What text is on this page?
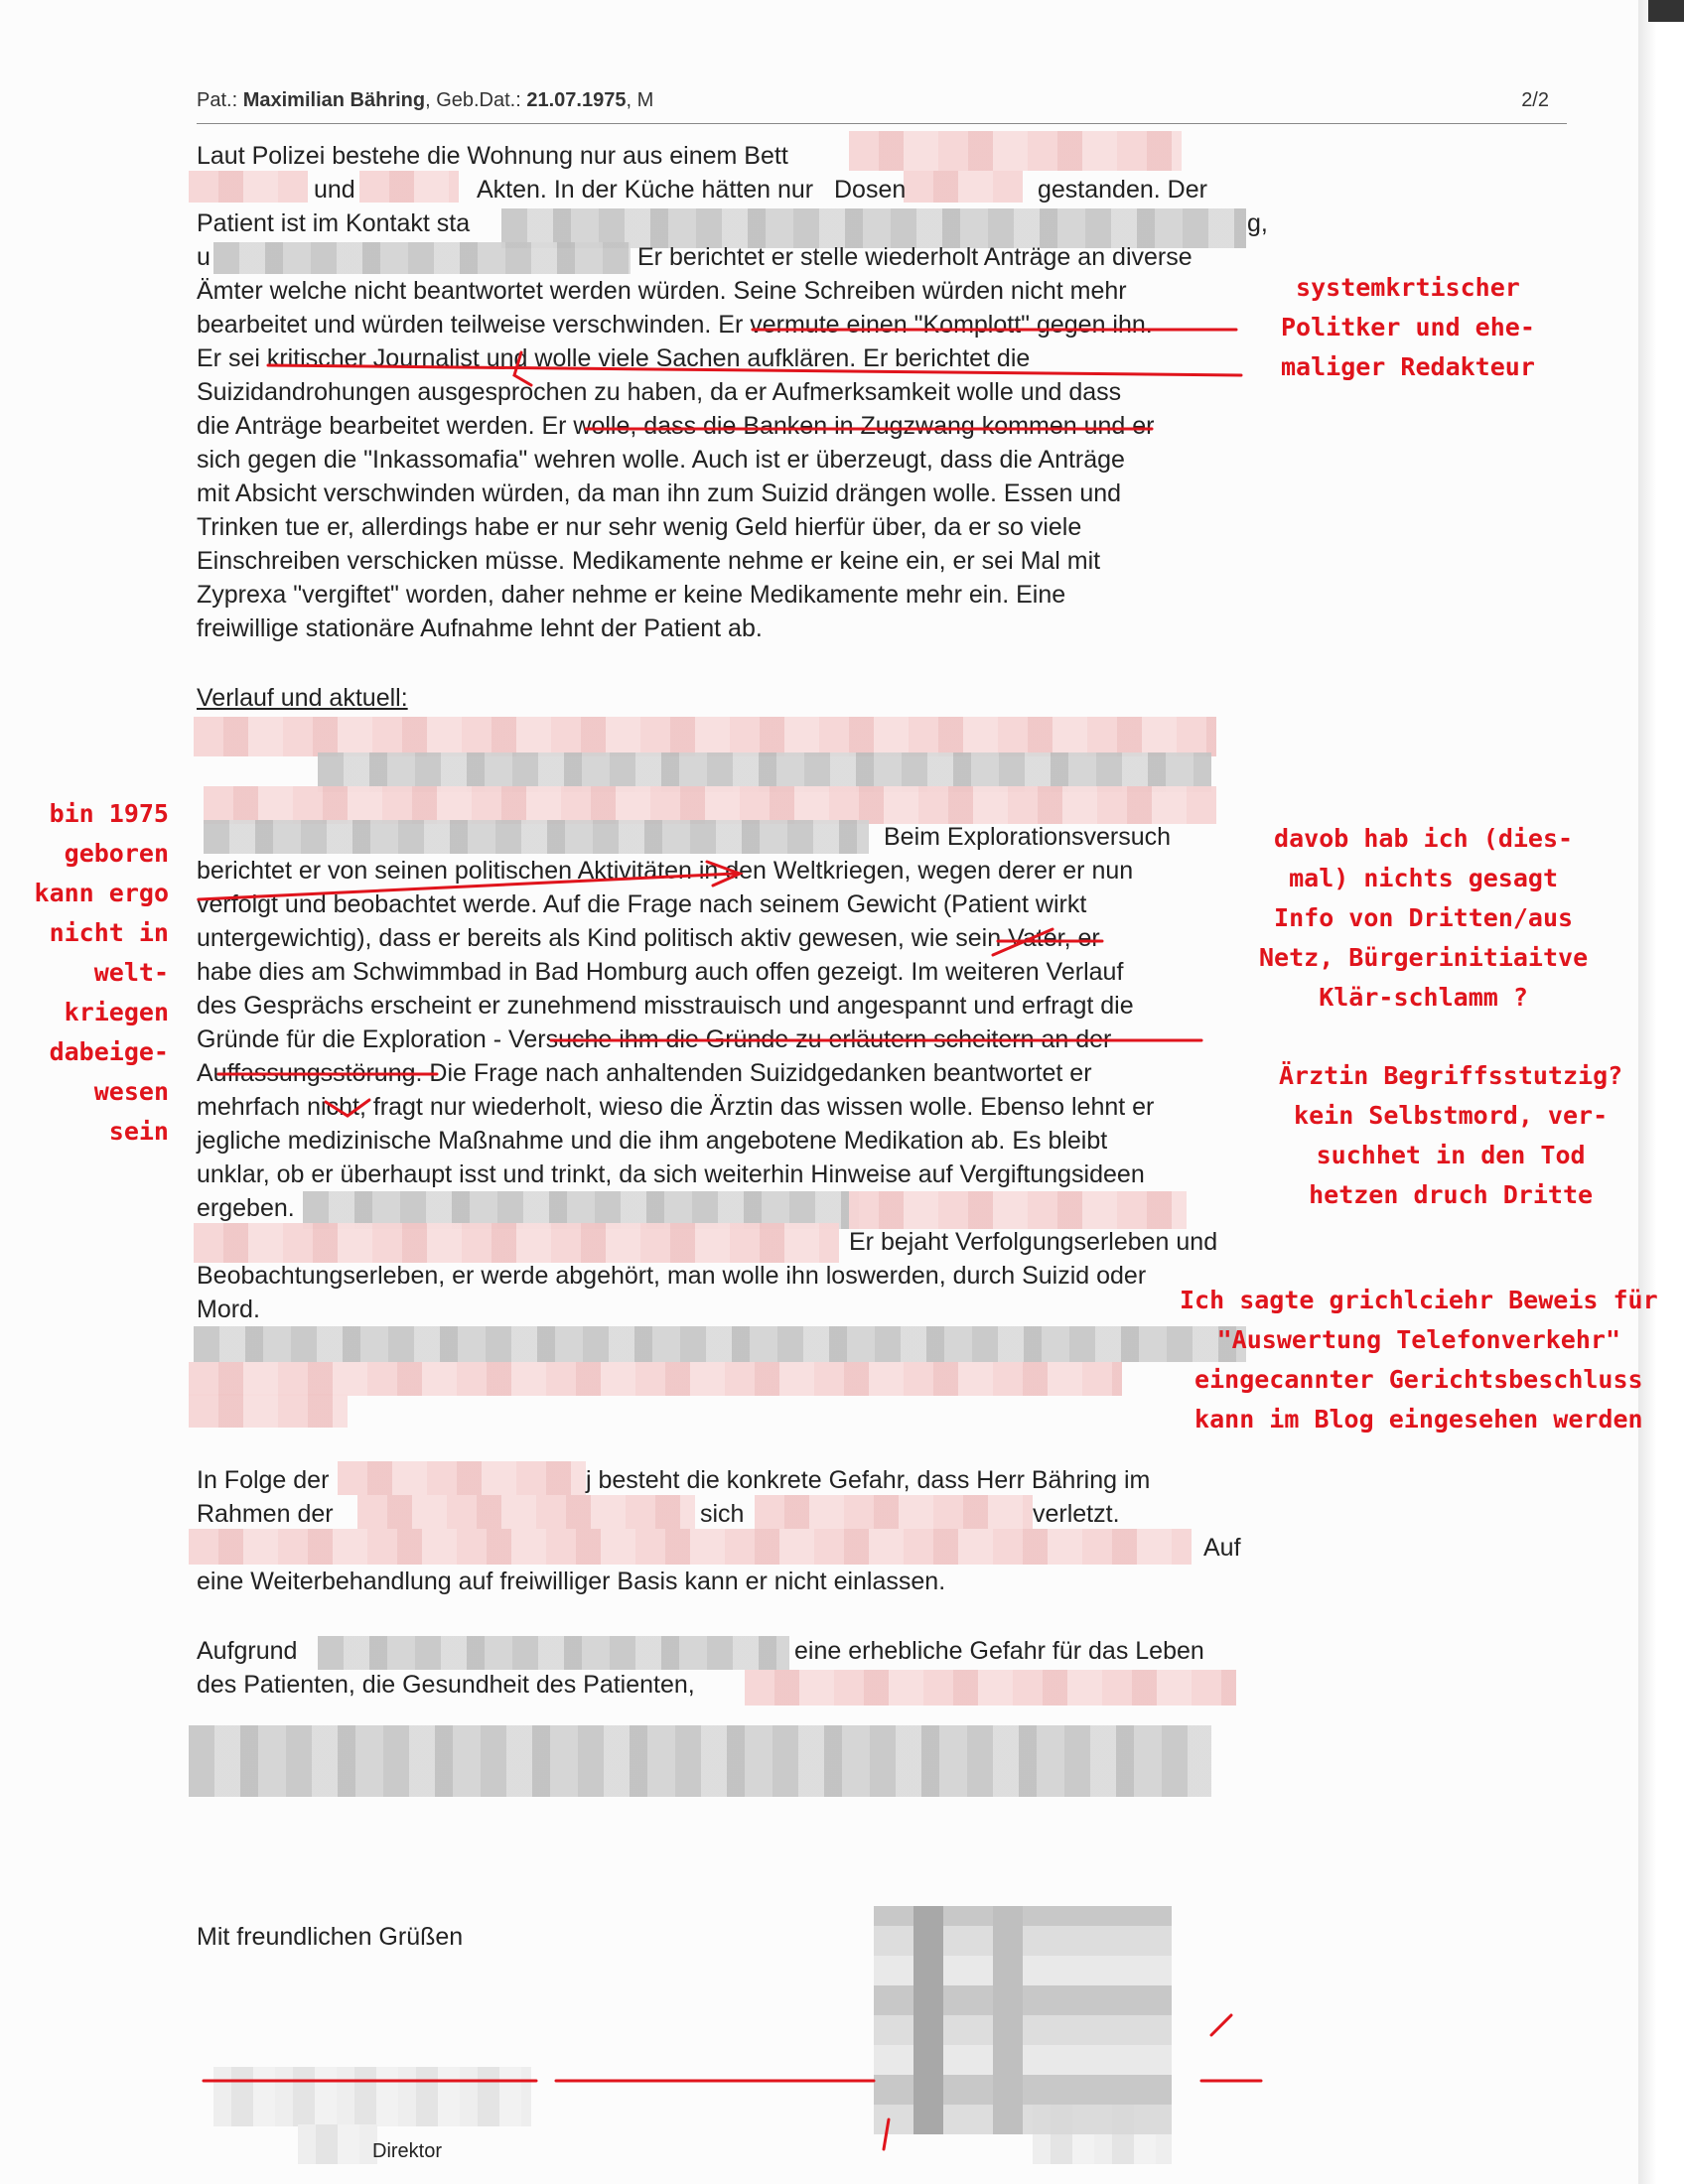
Pat.: Maximilian Bähring, Geb.Dat.: 21.07.1975, M	2/2
Laut Polizei bestehe die Wohnung nur aus einem Bett
und	Akten. In der Küche hätten nur Dosen	gestanden. Der
Patient ist im Kontakt sta	g,
u	Er berichtet er stelle wiederholt Anträge an diverse
Ämter welche nicht beantwortet werden würden. Seine Schreiben würden nicht mehr
bearbeitet und würden teilweise verschwinden. Er vermute einen "Komplott" gegen ihn.
Er sei kritischer Journalist und wolle viele Sachen aufklären. Er berichtet die
Suizidandrohungen ausgesprochen zu haben, da er Aufmerksamkeit wolle und dass
die Anträge bearbeitet werden. Er wolle, dass die Banken in Zugzwang kommen und er
sich gegen die "Inkassomafia" wehren wolle. Auch ist er überzeugt, dass die Anträge
mit Absicht verschwinden würden, da man ihn zum Suizid drängen wolle. Essen und
Trinken tue er, allerdings habe er nur sehr wenig Geld hierfür über, da er so viele
Einschreiben verschicken müsse. Medikamente nehme er keine ein, er sei Mal mit
Zyprexa "vergiftet" worden, daher nehme er keine Medikamente mehr ein. Eine
freiwillige stationäre Aufnahme lehnt der Patient ab.
Verlauf und aktuell:
Beim Explorationsversuch
berichtet er von seinen politischen Aktivitäten in den Weltkriegen, wegen derer er nun
verfolgt und beobachtet werde. Auf die Frage nach seinem Gewicht (Patient wirkt
untergewichtig), dass er bereits als Kind politisch aktiv gewesen, wie sein Vater, er
habe dies am Schwimmbad in Bad Homburg auch offen gezeigt. Im weiteren Verlauf
des Gesprächs erscheint er zunehmend misstrauisch und angespannt und erfragt die
Gründe für die Exploration - Versuche ihm die Gründe zu erläutern scheitern an der
Auffassungsstörung. Die Frage nach anhaltenden Suizidgedanken beantwortet er
mehrfach nicht, fragt nur wiederholt, wieso die Ärztin das wissen wolle. Ebenso lehnt er
jegliche medizinische Maßnahme und die ihm angebotene Medikation ab. Es bleibt
unklar, ob er überhaupt isst und trinkt, da sich weiterhin Hinweise auf Vergiftungsideen
ergeben.
Er bejaht Verfolgungserleben und
Beobachtungserleben, er werde abgehört, man wolle ihn loswerden, durch Suizid oder
Mord.
In Folge der	j besteht die konkrete Gefahr, dass Herr Bähring im
Rahmen der	sich	verletzt.
Auf
eine Weiterbehandlung auf freiwilliger Basis kann er nicht einlassen.
Aufgrund	eine erhebliche Gefahr für das Leben
des Patienten, die Gesundheit des Patienten,
Mit freundlichen Grüßen
Direktor
systemkrtischer
Politker und ehe-
maliger Redakteur
bin 1975
geboren
kann ergo
nicht in
welt-
kriegen
dabeige-
wesen
sein
davob hab ich (dies-
mal) nichts gesagt
Info von Dritten/aus
Netz, Bürgerinitiaitve
Klär-schlamm ?
Ärztin Begriffsstutzig?
kein Selbstmord, ver-
suchhet in den Tod
hetzen druch Dritte
Ich sagte grichlciehr Beweis für
"Auswertung Telefonverkehr"
eingecannter Gerichtsbeschluss
kann im Blog eingesehen werden
